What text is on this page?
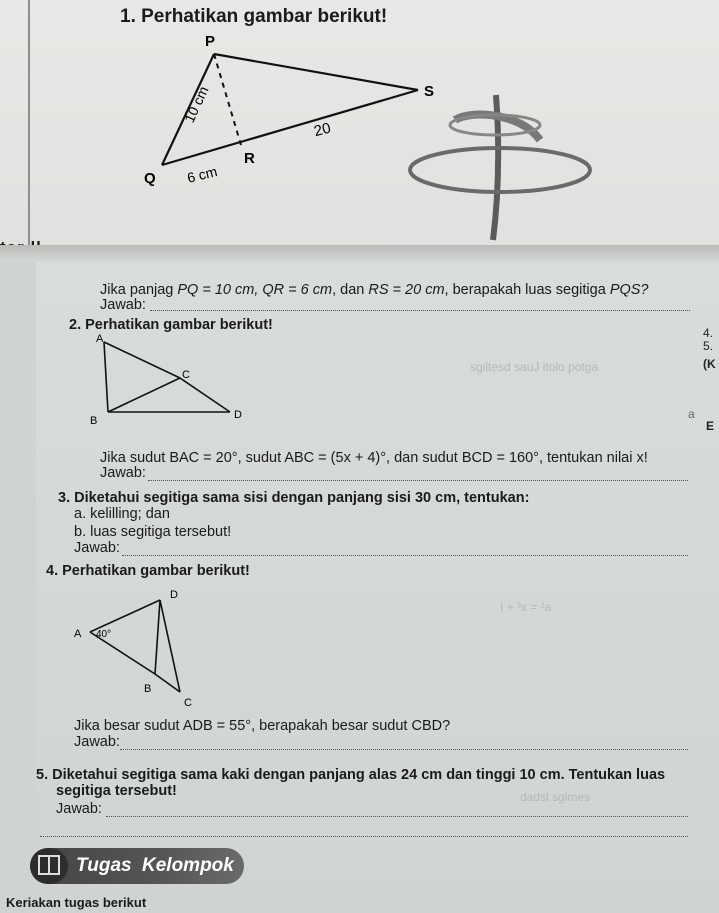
1. Perhatikan gambar berikut!
P
S
Q
R
10 cm
6 cm
20
sgiltesd sauJ itolo potga
I + ³x = ²a
dadsl sgimes
Jika panjag PQ = 10 cm, QR = 6 cm, dan RS = 20 cm, berapakah luas segitiga PQS?
Jawab:
2. Perhatikan gambar berikut!
A
C
B	D
Jika sudut BAC = 20°, sudut ABC = (5x + 4)°, dan sudut BCD = 160°, tentukan nilai x!
Jawab:
3. Diketahui segitiga sama sisi dengan panjang sisi 30 cm, tentukan:
a. kelilling; dan
b. luas segitiga tersebut!
Jawab:
4. Perhatikan gambar berikut!
D
A 40°
B
C
Jika besar sudut ADB = 55°, berapakah besar sudut CBD?
Jawab:
5. Diketahui segitiga sama kaki dengan panjang alas 24 cm dan tinggi 10 cm. Tentukan luas
segitiga tersebut!
Jawab:
4.
5.
(K
a
E
Tugas Kelompok
Keriakan tugas berikut
